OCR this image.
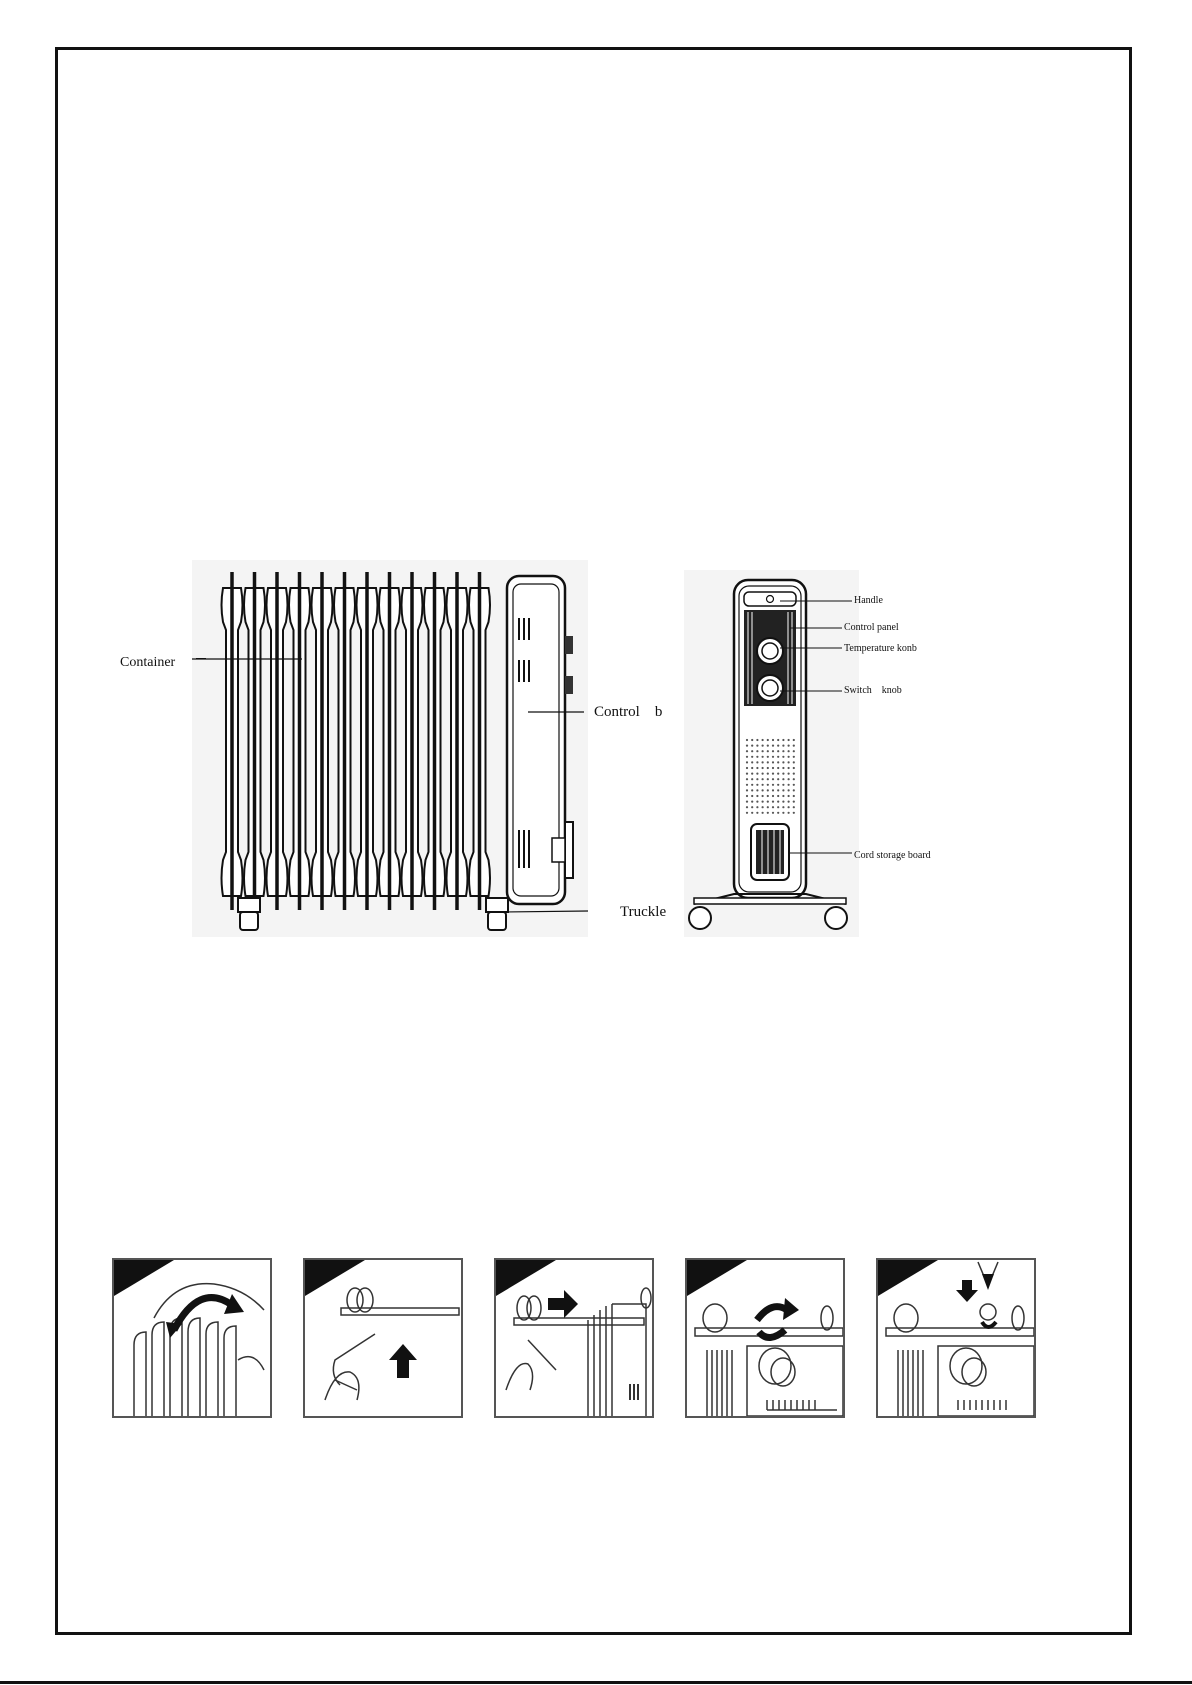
Container
Control    b
Truckle
Handle
Control panel
Temperature konb
Switch    knob
Cord storage board
